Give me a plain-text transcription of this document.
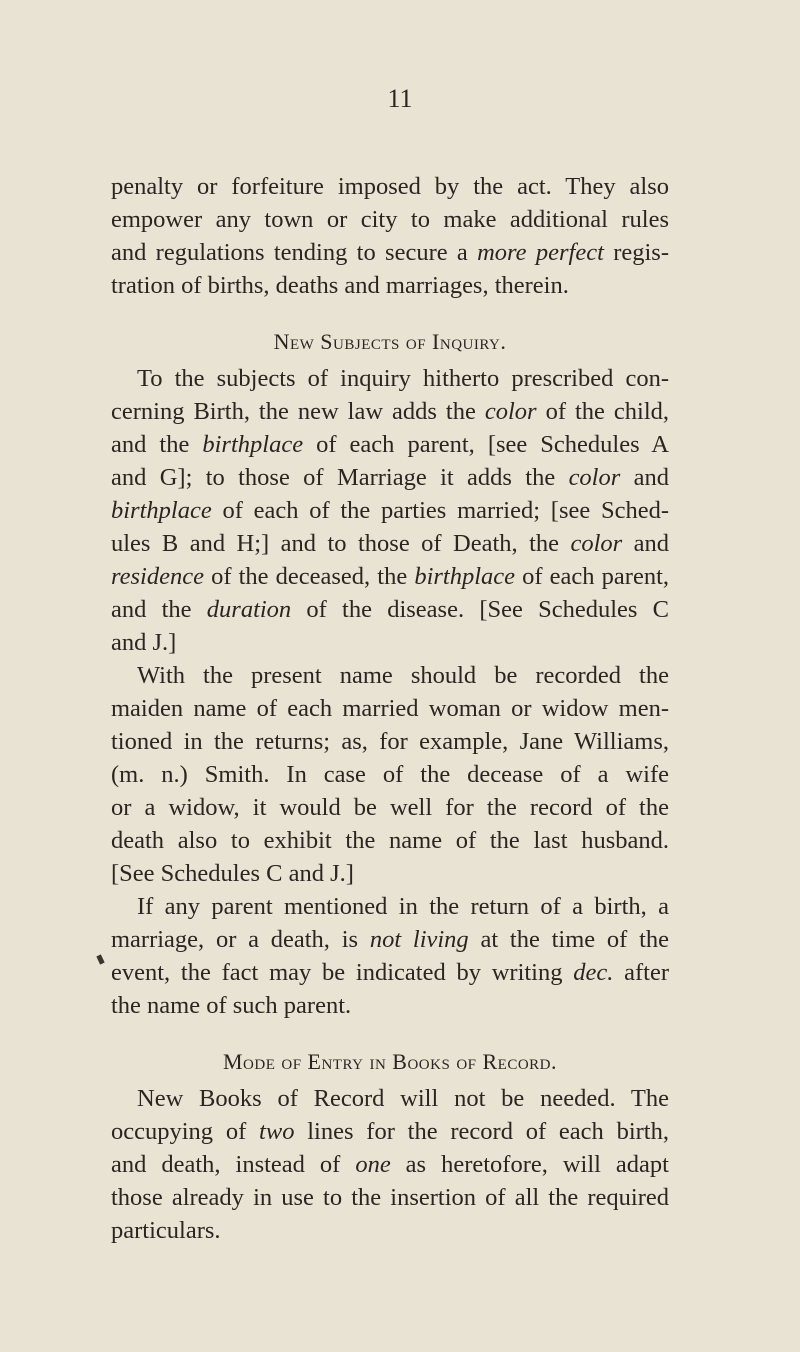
11
penalty or forfeiture imposed by the act. They also
empower any town or city to make additional rules
and regulations tending to secure a more perfect regis-
tration of births, deaths and marriages, therein.
New Subjects of Inquiry.
To the subjects of inquiry hitherto prescribed con-
cerning Birth, the new law adds the color of the child,
and the birthplace of each parent, [see Schedules A
and G]; to those of Marriage it adds the color and
birthplace of each of the parties married; [see Sched-
ules B and H;] and to those of Death, the color and
residence of the deceased, the birthplace of each parent,
and the duration of the disease. [See Schedules C
and J.]
With the present name should be recorded the
maiden name of each married woman or widow men-
tioned in the returns; as, for example, Jane Williams,
(m. n.) Smith. In case of the decease of a wife
or a widow, it would be well for the record of the
death also to exhibit the name of the last husband.
[See Schedules C and J.]
If any parent mentioned in the return of a birth, a
marriage, or a death, is not living at the time of the
event, the fact may be indicated by writing dec. after
the name of such parent.
Mode of Entry in Books of Record.
New Books of Record will not be needed. The
occupying of two lines for the record of each birth,
and death, instead of one as heretofore, will adapt
those already in use to the insertion of all the required
particulars.
